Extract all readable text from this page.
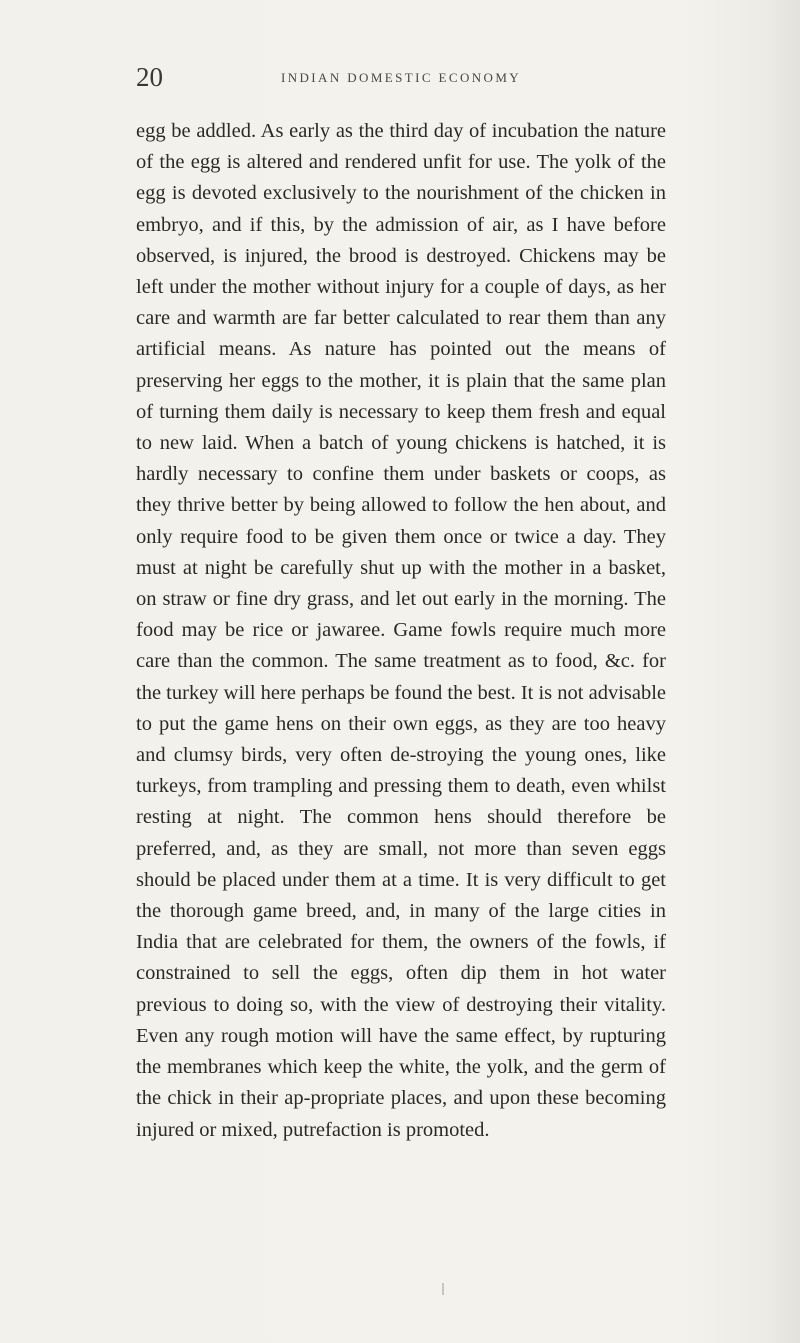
20	INDIAN DOMESTIC ECONOMY

egg be addled. As early as the third day of incubation the nature of the egg is altered and rendered unfit for use. The yolk of the egg is devoted exclusively to the nourishment of the chicken in embryo, and if this, by the admission of air, as I have before observed, is injured, the brood is destroyed. Chickens may be left under the mother without injury for a couple of days, as her care and warmth are far better calculated to rear them than any artificial means. As nature has pointed out the means of preserving her eggs to the mother, it is plain that the same plan of turning them daily is necessary to keep them fresh and equal to new laid. When a batch of young chickens is hatched, it is hardly necessary to confine them under baskets or coops, as they thrive better by being allowed to follow the hen about, and only require food to be given them once or twice a day. They must at night be carefully shut up with the mother in a basket, on straw or fine dry grass, and let out early in the morning. The food may be rice or jawaree. Game fowls require much more care than the common. The same treatment as to food, &c. for the turkey will here perhaps be found the best. It is not advisable to put the game hens on their own eggs, as they are too heavy and clumsy birds, very often de-stroying the young ones, like turkeys, from trampling and pressing them to death, even whilst resting at night. The common hens should therefore be preferred, and, as they are small, not more than seven eggs should be placed under them at a time. It is very difficult to get the thorough game breed, and, in many of the large cities in India that are celebrated for them, the owners of the fowls, if constrained to sell the eggs, often dip them in hot water previous to doing so, with the view of destroying their vitality. Even any rough motion will have the same effect, by rupturing the membranes which keep the white, the yolk, and the germ of the chick in their ap-propriate places, and upon these becoming injured or mixed, putrefaction is promoted.
